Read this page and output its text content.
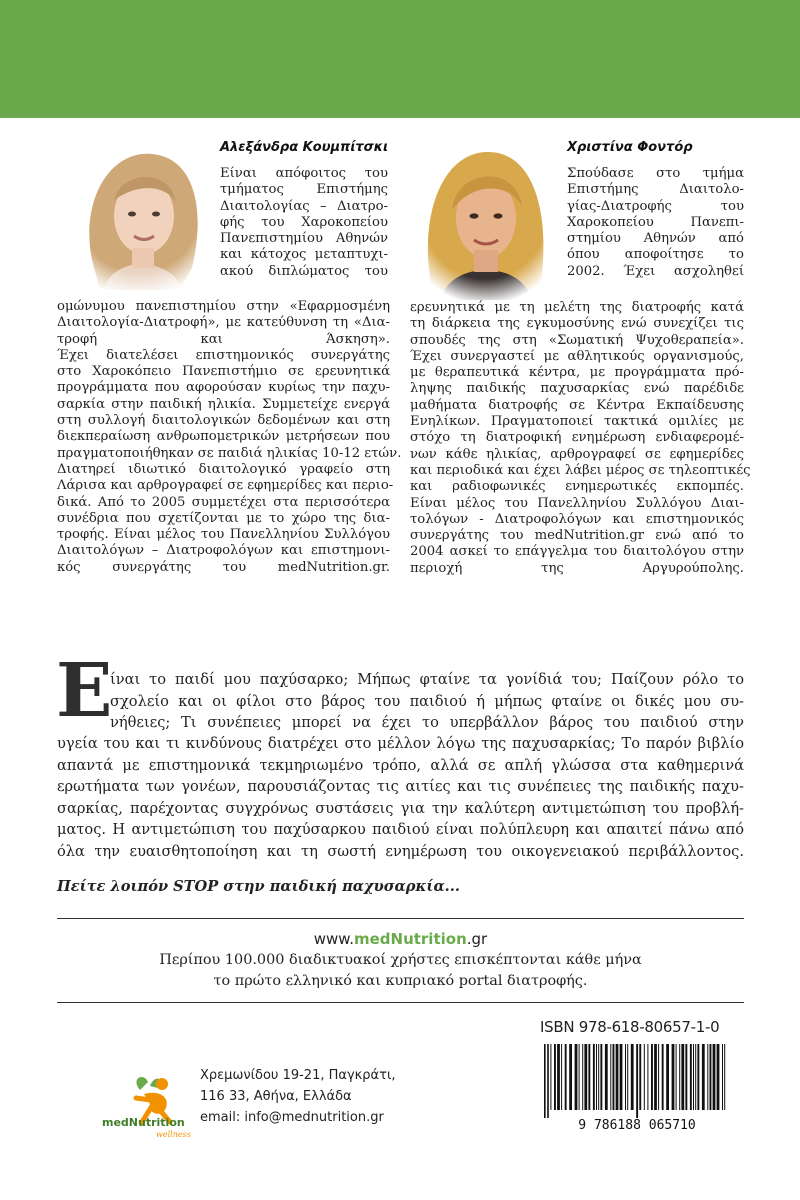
Αλεξάνδρα Κουμπίτσκι
Είναι απόφοιτος του
τμήματος Επιστήμης
Διαιτολογίας – Διατρο-
φής του Χαροκοπείου
Πανεπιστημίου Αθηνών
και κάτοχος μεταπτυχι-
ακού διπλώματος του
ομώνυμου πανεπιστημίου στην «Εφαρμοσμένη
Διαιτολογία-Διατροφή», με κατεύθυνση τη «Δια-
τροφή και Άσκηση».
Έχει διατελέσει επιστημονικός συνεργάτης
στο Χαροκόπειο Πανεπιστήμιο σε ερευνητικά
προγράμματα που αφορούσαν κυρίως την παχυ-
σαρκία στην παιδική ηλικία. Συμμετείχε ενεργά
στη συλλογή διαιτολογικών δεδομένων και στη
διεκπεραίωση ανθρωπομετρικών μετρήσεων που
πραγματοποιήθηκαν σε παιδιά ηλικίας 10-12 ετών.
Διατηρεί ιδιωτικό διαιτολογικό γραφείο στη
Λάρισα και αρθρογραφεί σε εφημερίδες και περιο-
δικά. Από το 2005 συμμετέχει στα περισσότερα
συνέδρια που σχετίζονται με το χώρο της δια-
τροφής. Είναι μέλος του Πανελληνίου Συλλόγου
Διαιτολόγων – Διατροφολόγων και επιστημονι-
κός συνεργάτης του medNutrition.gr.
Χριστίνα Φοντόρ
Σπούδασε στο τμήμα
Επιστήμης Διαιτολο-
γίας-Διατροφής του
Χαροκοπείου Πανεπι-
στημίου Αθηνών από
όπου αποφοίτησε το
2002. Έχει ασχοληθεί
ερευνητικά με τη μελέτη της διατροφής κατά
τη διάρκεια της εγκυμοσύνης ενώ συνεχίζει τις
σπουδές της στη «Σωματική Ψυχοθεραπεία».
Έχει συνεργαστεί με αθλητικούς οργανισμούς,
με θεραπευτικά κέντρα, με προγράμματα πρό-
ληψης παιδικής παχυσαρκίας ενώ παρέδιδε
μαθήματα διατροφής σε Κέντρα Εκπαίδευσης
Ενηλίκων. Πραγματοποιεί τακτικά ομιλίες με
στόχο τη διατροφική ενημέρωση ενδιαφερομέ-
νων κάθε ηλικίας, αρθρογραφεί σε εφημερίδες
και περιοδικά και έχει λάβει μέρος σε τηλεοπτικές
και ραδιοφωνικές ενημερωτικές εκπομπές.
Είναι μέλος του Πανελληνίου Συλλόγου Διαι-
τολόγων - Διατροφολόγων και επιστημονικός
συνεργάτης του medNutrition.gr ενώ από το
2004 ασκεί το επάγγελμα του διαιτολόγου στην
περιοχή της Αργυρούπολης.
Ε
ίναι το παιδί μου παχύσαρκο; Μήπως φταίνε τα γονίδιά του; Παίζουν ρόλο το
σχολείο και οι φίλοι στο βάρος του παιδιού ή μήπως φταίνε οι δικές μου συ-
νήθειες; Τι συνέπειες μπορεί να έχει το υπερβάλλον βάρος του παιδιού στην
υγεία του και τι κινδύνους διατρέχει στο μέλλον λόγω της παχυσαρκίας; Το παρόν βιβλίο
απαντά με επιστημονικά τεκμηριωμένο τρόπο, αλλά σε απλή γλώσσα στα καθημερινά
ερωτήματα των γονέων, παρουσιάζοντας τις αιτίες και τις συνέπειες της παιδικής παχυ-
σαρκίας, παρέχοντας συγχρόνως συστάσεις για την καλύτερη αντιμετώπιση του προβλή-
ματος. Η αντιμετώπιση του παχύσαρκου παιδιού είναι πολύπλευρη και απαιτεί πάνω από
όλα την ευαισθητοποίηση και τη σωστή ενημέρωση του οικογενειακού περιβάλλοντος.
Πείτε λοιπόν STOP στην παιδική παχυσαρκία...
www.medNutrition.gr
Περίπου 100.000 διαδικτυακοί χρήστες επισκέπτονται κάθε μήνα
το πρώτο ελληνικό και κυπριακό portal διατροφής.
ISBN 978-618-80657-1-0
9 786188 065710
medNutrition
wellness
Χρεμωνίδου 19-21, Παγκράτι,
116 33, Αθήνα, Ελλάδα
email: info@mednutrition.gr
